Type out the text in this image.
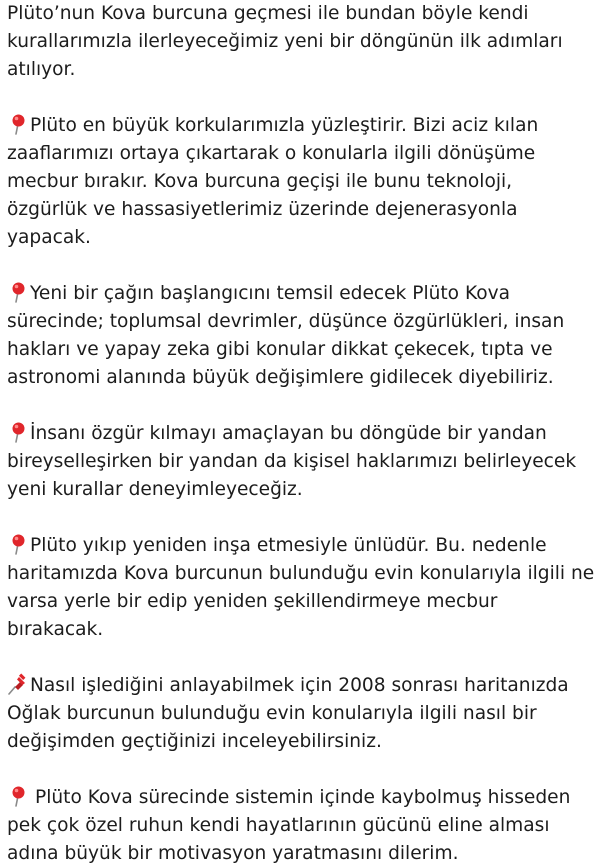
Plüto’nun Kova burcuna geçmesi ile bundan böyle kendi kurallarımızla ilerleyeceğimiz yeni bir döngünün ilk adımları atılıyor.

Plüto en büyük korkularımızla yüzleştirir. Bizi aciz kılan zaaflarımızı ortaya çıkartarak o konularla ilgili dönüşüme mecbur bırakır. Kova burcuna geçişi ile bunu teknoloji, özgürlük ve hassasiyetlerimiz üzerinde dejenerasyonla yapacak.

Yeni bir çağın başlangıcını temsil edecek Plüto Kova sürecinde; toplumsal devrimler, düşünce özgürlükleri, insan hakları ve yapay zeka gibi konular dikkat çekecek, tıpta ve astronomi alanında büyük değişimlere gidilecek diyebiliriz.

İnsanı özgür kılmayı amaçlayan bu döngüde bir yandan bireyselleşirken bir yandan da kişisel haklarımızı belirleyecek yeni kurallar deneyimleyeceğiz.

Plüto yıkıp yeniden inşa etmesiyle ünlüdür. Bu. nedenle haritamızda Kova burcunun bulunduğu evin konularıyla ilgili ne varsa yerle bir edip yeniden şekillendirmeye mecbur bırakacak.

Nasıl işlediğini anlayabilmek için 2008 sonrası haritanızda Oğlak burcunun bulunduğu evin konularıyla ilgili nasıl bir değişimden geçtiğinizi inceleyebilirsiniz.

Plüto Kova sürecinde sistemin içinde kaybolmuş hisseden pek çok özel ruhun kendi hayatlarının gücünü eline alması adına büyük bir motivasyon yaratmasını dilerim.
